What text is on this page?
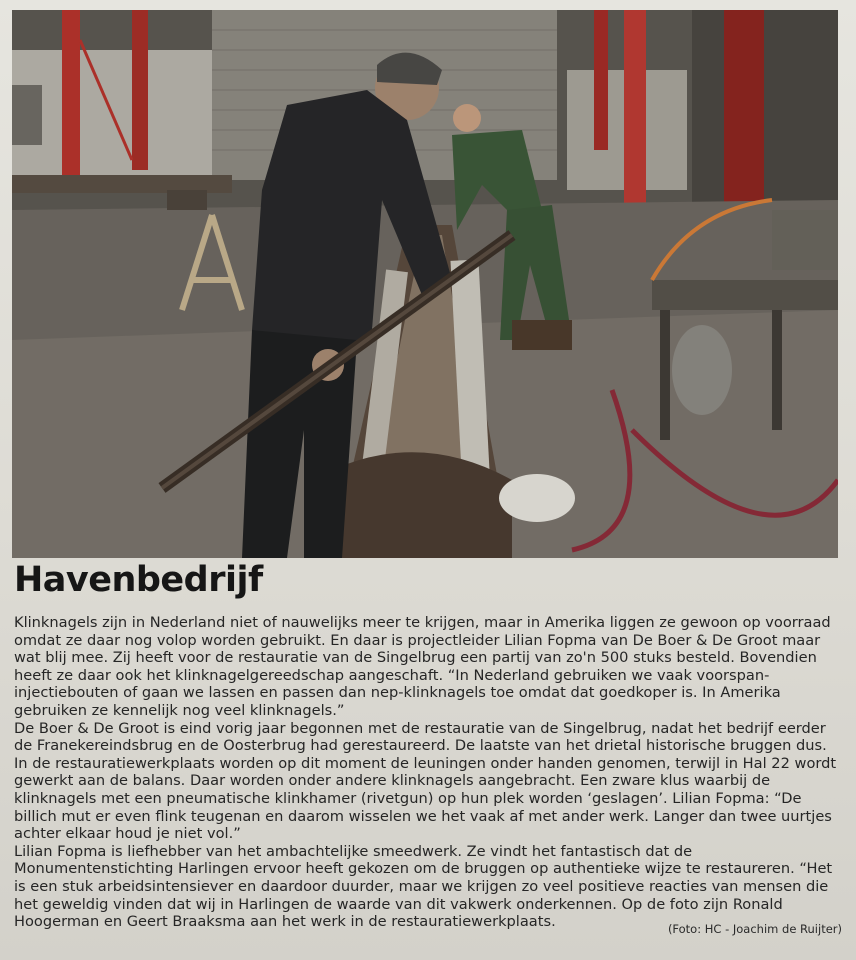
Havenbedrijf

Klinknagels zijn in Nederland niet of nauwelijks meer te krijgen, maar in Amerika liggen ze gewoon op voorraad omdat ze daar nog volop worden gebruikt. En daar is projectleider Lilian Fopma van De Boer & De Groot maar wat blij mee. Zij heeft voor de restauratie van de Singelbrug een partij van zo'n 500 stuks besteld. Bovendien heeft ze daar ook het klinknagelgereedschap aangeschaft. “In Nederland gebruiken we vaak voorspan-injectiebouten of gaan we lassen en passen dan nep-klinknagels toe omdat dat goedkoper is. In Amerika gebruiken ze kennelijk nog veel klinknagels.”

De Boer & De Groot is eind vorig jaar begonnen met de restauratie van de Singelbrug, nadat het bedrijf eerder de Franekereindsbrug en de Oosterbrug had gerestaureerd. De laatste van het drietal historische bruggen dus.

In de restauratiewerkplaats worden op dit moment de leuningen onder handen genomen, terwijl in Hal 22 wordt gewerkt aan de balans. Daar worden onder andere klinknagels aangebracht. Een zware klus waarbij de klinknagels met een pneumatische klinkhamer (rivetgun) op hun plek worden ‘geslagen’. Lilian Fopma: “De billich mut er even flink teugenan en daarom wisselen we het vaak af met ander werk. Langer dan twee uurtjes achter elkaar houd je niet vol.”

Lilian Fopma is liefhebber van het ambachtelijke smeedwerk. Ze vindt het fantastisch dat de Monumentenstichting Harlingen ervoor heeft gekozen om de bruggen op authentieke wijze te restaureren. “Het is een stuk arbeidsintensiever en daardoor duurder, maar we krijgen zo veel positieve reacties van mensen die het geweldig vinden dat wij in Harlingen de waarde van dit vakwerk onderkennen. Op de foto zijn Ronald Hoogerman en Geert Braaksma aan het werk in de restauratiewerkplaats.	(Foto: HC - Joachim de Ruijter)
